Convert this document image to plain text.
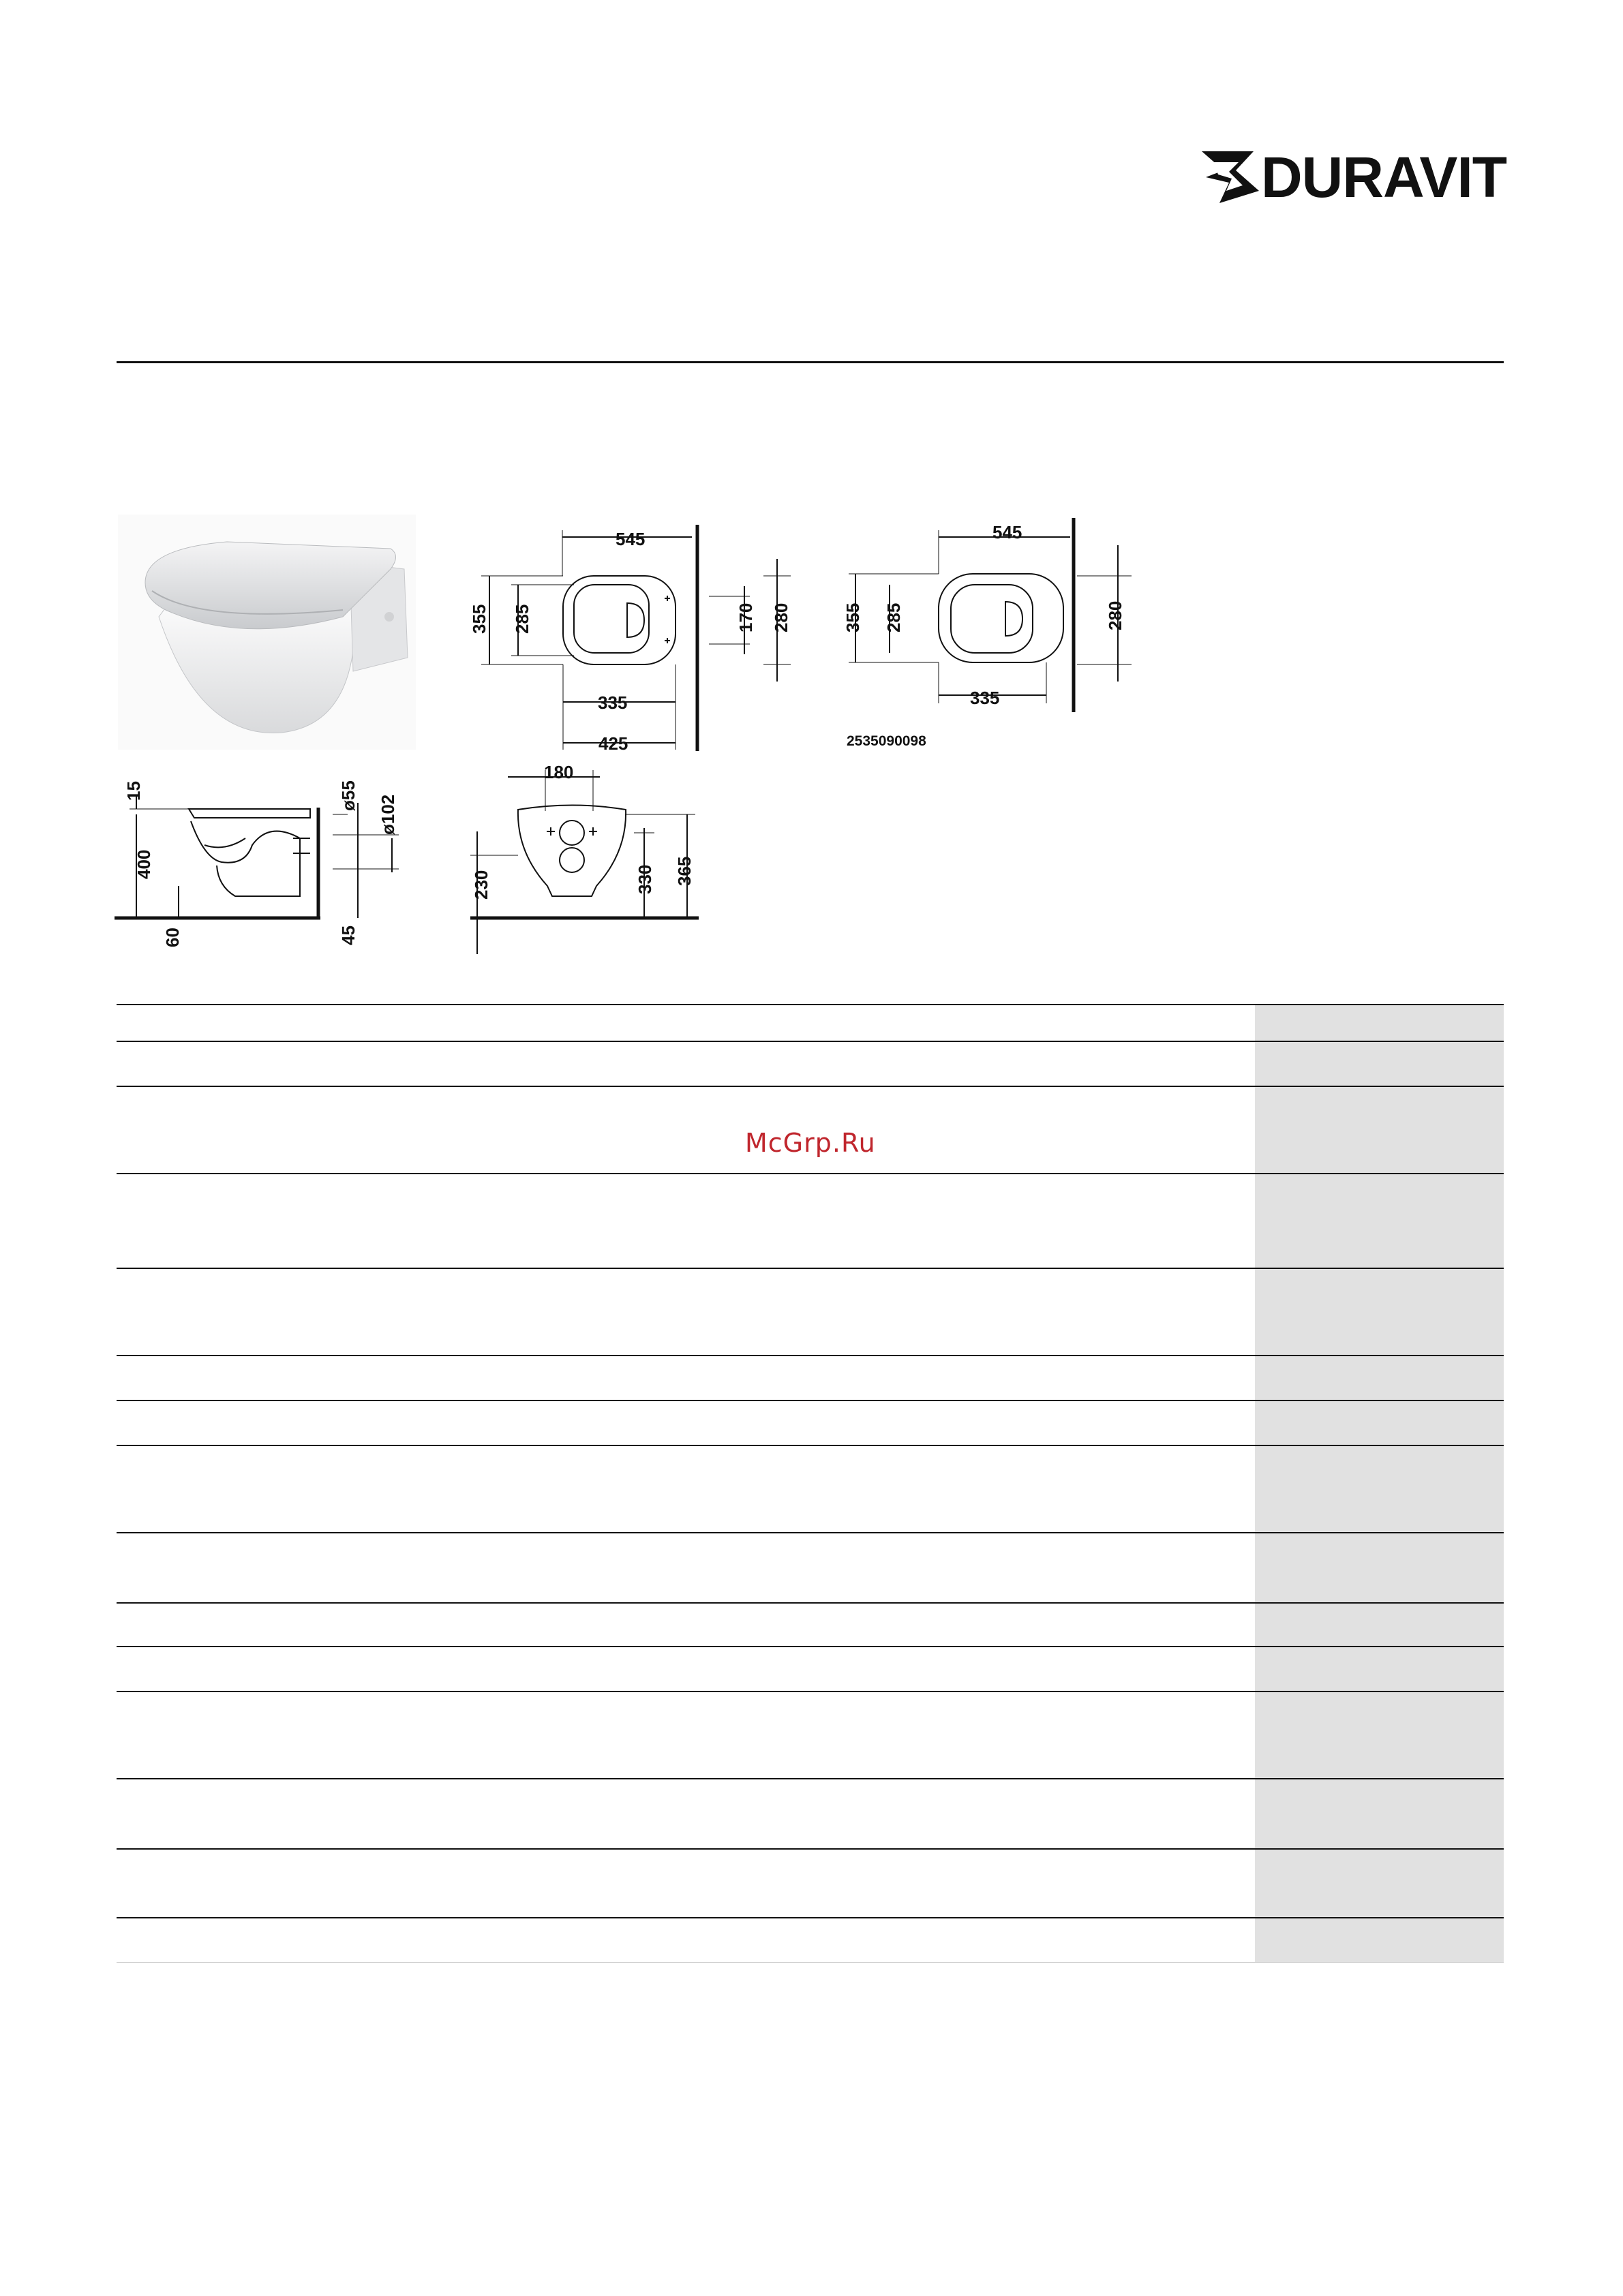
DURAVIT
545
355 285	170 280
335
425
545
355 285	280
335
15
400
60
ø55 ø102
45
180
230	330 365
2535090098
McGrp.Ru
